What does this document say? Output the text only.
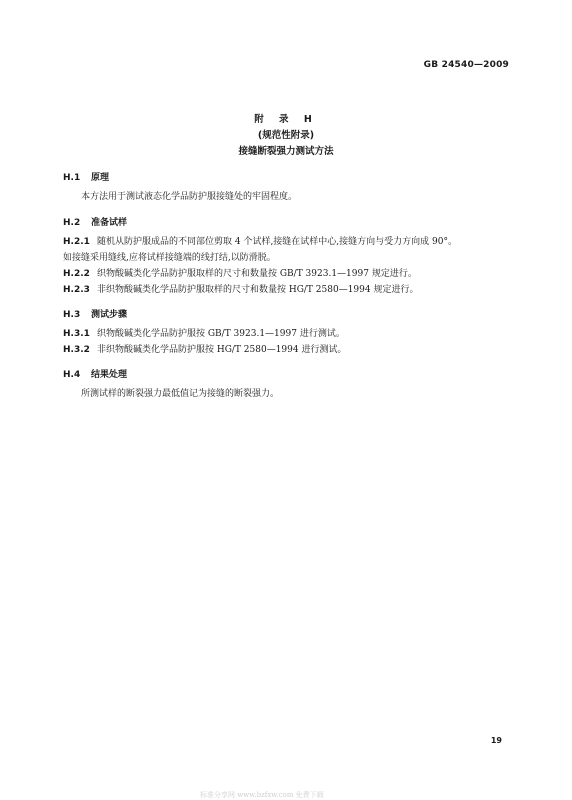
GB 24540—2009
附 录 H
(规范性附录)
接缝断裂强力测试方法
H.1 原理
本方法用于测试液态化学品防护服接缝处的牢固程度。
H.2 准备试样
H.2.1 随机从防护服成品的不同部位剪取 4 个试样,接缝在试样中心,接缝方向与受力方向成 90°。
如接缝采用缝线,应将试样接缝端的线打结,以防滑脱。
H.2.2 织物酸碱类化学品防护服取样的尺寸和数量按 GB/T 3923.1—1997 规定进行。
H.2.3 非织物酸碱类化学品防护服取样的尺寸和数量按 HG/T 2580—1994 规定进行。
H.3 测试步骤
H.3.1 织物酸碱类化学品防护服按 GB/T 3923.1—1997 进行测试。
H.3.2 非织物酸碱类化学品防护服按 HG/T 2580—1994 进行测试。
H.4 结果处理
所测试样的断裂强力最低值记为接缝的断裂强力。
19
标准分享网 www.bzfxw.com 免费下载
